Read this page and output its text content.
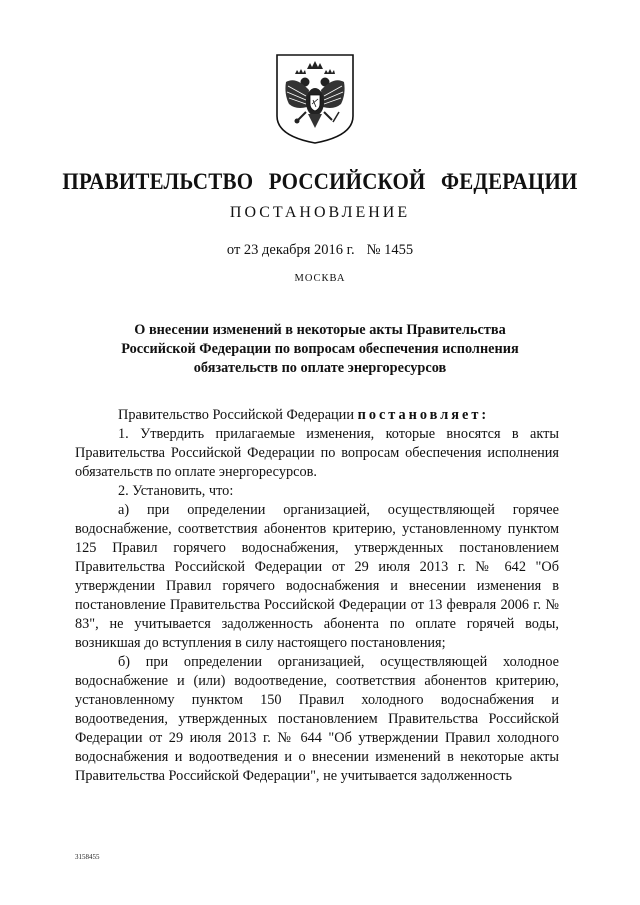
ПРАВИТЕЛЬСТВО РОССИЙСКОЙ ФЕДЕРАЦИИ
ПОСТАНОВЛЕНИЕ
от 23 декабря 2016 г. № 1455
МОСКВА
О внесении изменений в некоторые акты Правительства Российской Федерации по вопросам обеспечения исполнения обязательств по оплате энергоресурсов

Правительство Российской Федерации постановляет:

1. Утвердить прилагаемые изменения, которые вносятся в акты Правительства Российской Федерации по вопросам обеспечения исполнения обязательств по оплате энергоресурсов.

2. Установить, что:

а) при определении организацией, осуществляющей горячее водоснабжение, соответствия абонентов критерию, установленному пунктом 125 Правил горячего водоснабжения, утвержденных постановлением Правительства Российской Федерации от 29 июля 2013 г. № 642 "Об утверждении Правил горячего водоснабжения и внесении изменения в постановление Правительства Российской Федерации от 13 февраля 2006 г. № 83", не учитывается задолженность абонента по оплате горячей воды, возникшая до вступления в силу настоящего постановления;

б) при определении организацией, осуществляющей холодное водоснабжение и (или) водоотведение, соответствия абонентов критерию, установленному пунктом 150 Правил холодного водоснабжения и водоотведения, утвержденных постановлением Правительства Российской Федерации от 29 июля 2013 г. № 644 "Об утверждении Правил холодного водоснабжения и водоотведения и о внесении изменений в некоторые акты Правительства Российской Федерации", не учитывается задолженность

3158455
